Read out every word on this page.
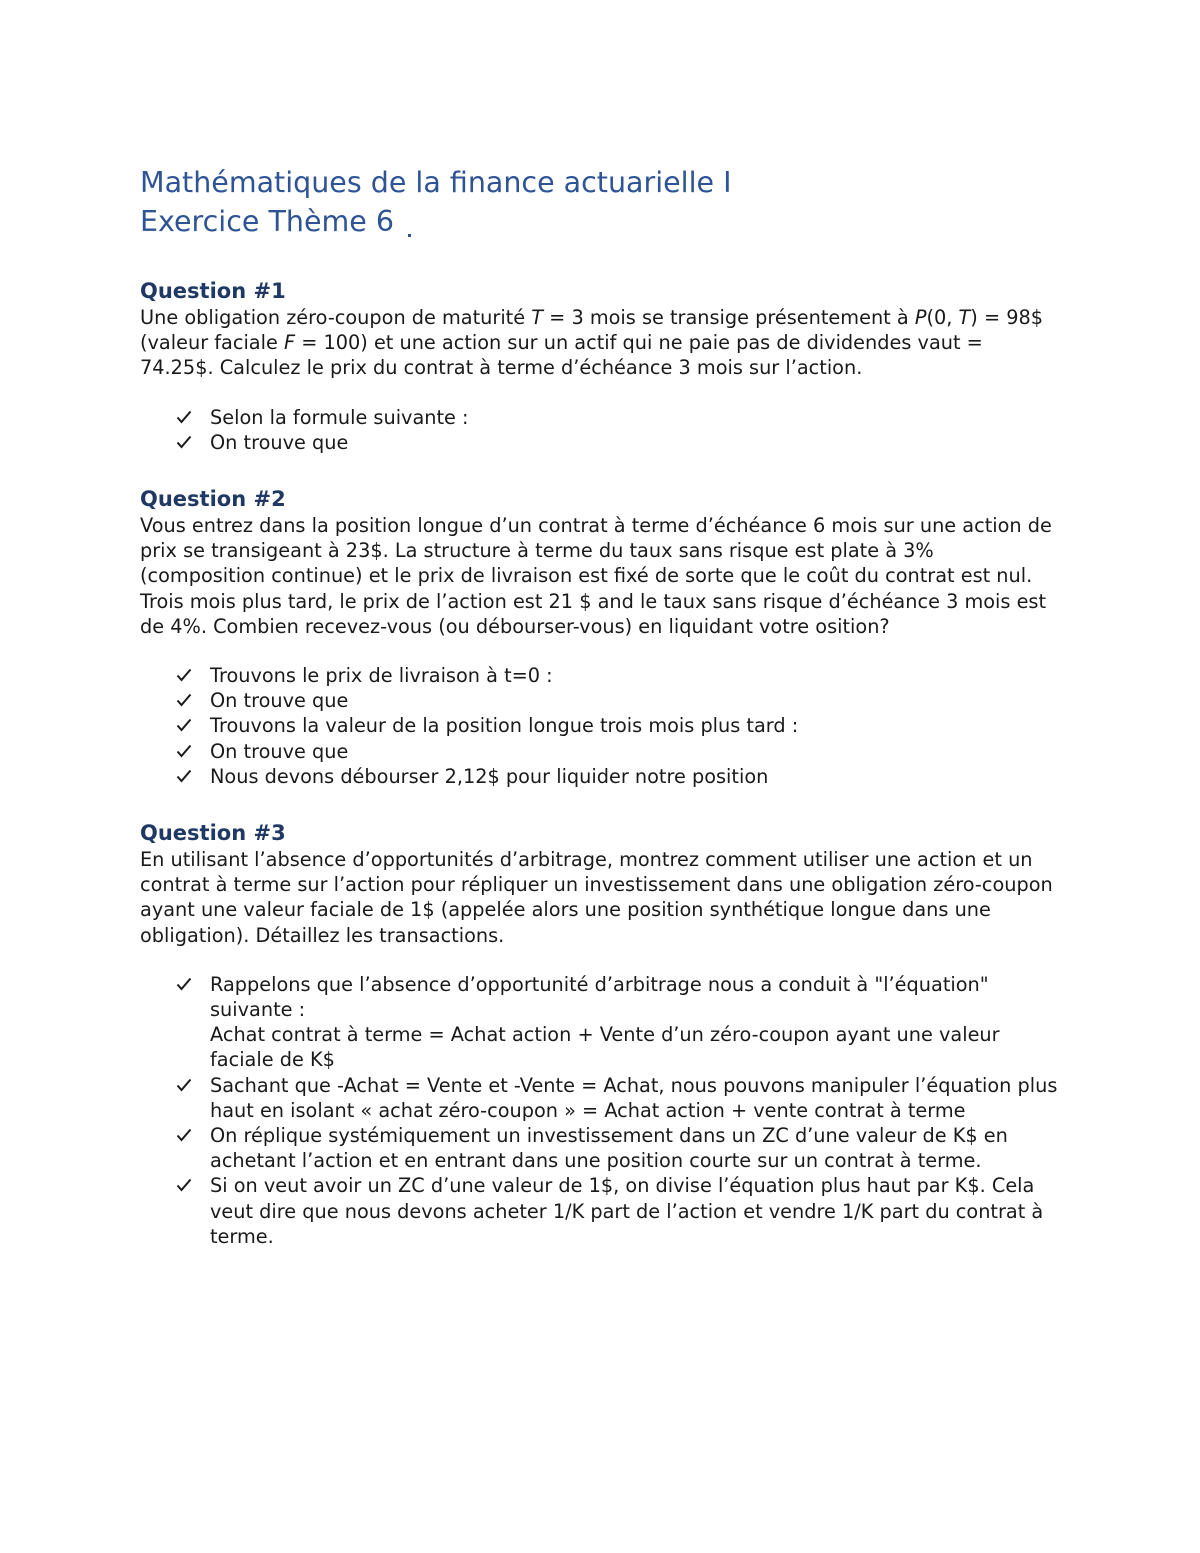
Mathématiques de la finance actuarielle I
Exercice Thème 6
Question #1

Une obligation zéro-coupon de maturité T = 3 mois se transige présentement à P(0, T) = 98$ (valeur faciale F = 100) et une action sur un actif qui ne paie pas de dividendes vaut = 74.25$. Calculez le prix du contrat à terme d’échéance 3 mois sur l’action.

Selon la formule suivante :
On trouve que
Question #2

Vous entrez dans la position longue d’un contrat à terme d’échéance 6 mois sur une action de prix se transigeant à 23$. La structure à terme du taux sans risque est plate à 3% (composition continue) et le prix de livraison est fixé de sorte que le coût du contrat est nul. Trois mois plus tard, le prix de l’action est 21 $ and le taux sans risque d’échéance 3 mois est de 4%. Combien recevez-vous (ou débourser-vous) en liquidant votre osition?

Trouvons le prix de livraison à t=0 :
On trouve que
Trouvons la valeur de la position longue trois mois plus tard :
On trouve que
Nous devons débourser 2,12$ pour liquider notre position
Question #3

En utilisant l’absence d’opportunités d’arbitrage, montrez comment utiliser une action et un contrat à terme sur l’action pour répliquer un investissement dans une obligation zéro-coupon ayant une valeur faciale de 1$ (appelée alors une position synthétique longue dans une obligation). Détaillez les transactions.

Rappelons que l’absence d’opportunité d’arbitrage nous a conduit à "l’équation" suivante :
Achat contrat à terme = Achat action + Vente d’un zéro-coupon ayant une valeur faciale de K$
Sachant que -Achat = Vente et -Vente = Achat, nous pouvons manipuler l’équation plus haut en isolant « achat zéro-coupon » = Achat action + vente contrat à terme
On réplique systémiquement un investissement dans un ZC d’une valeur de K$ en achetant l’action et en entrant dans une position courte sur un contrat à terme.
Si on veut avoir un ZC d’une valeur de 1$, on divise l’équation plus haut par K$. Cela veut dire que nous devons acheter 1/K part de l’action et vendre 1/K part du contrat à terme.
